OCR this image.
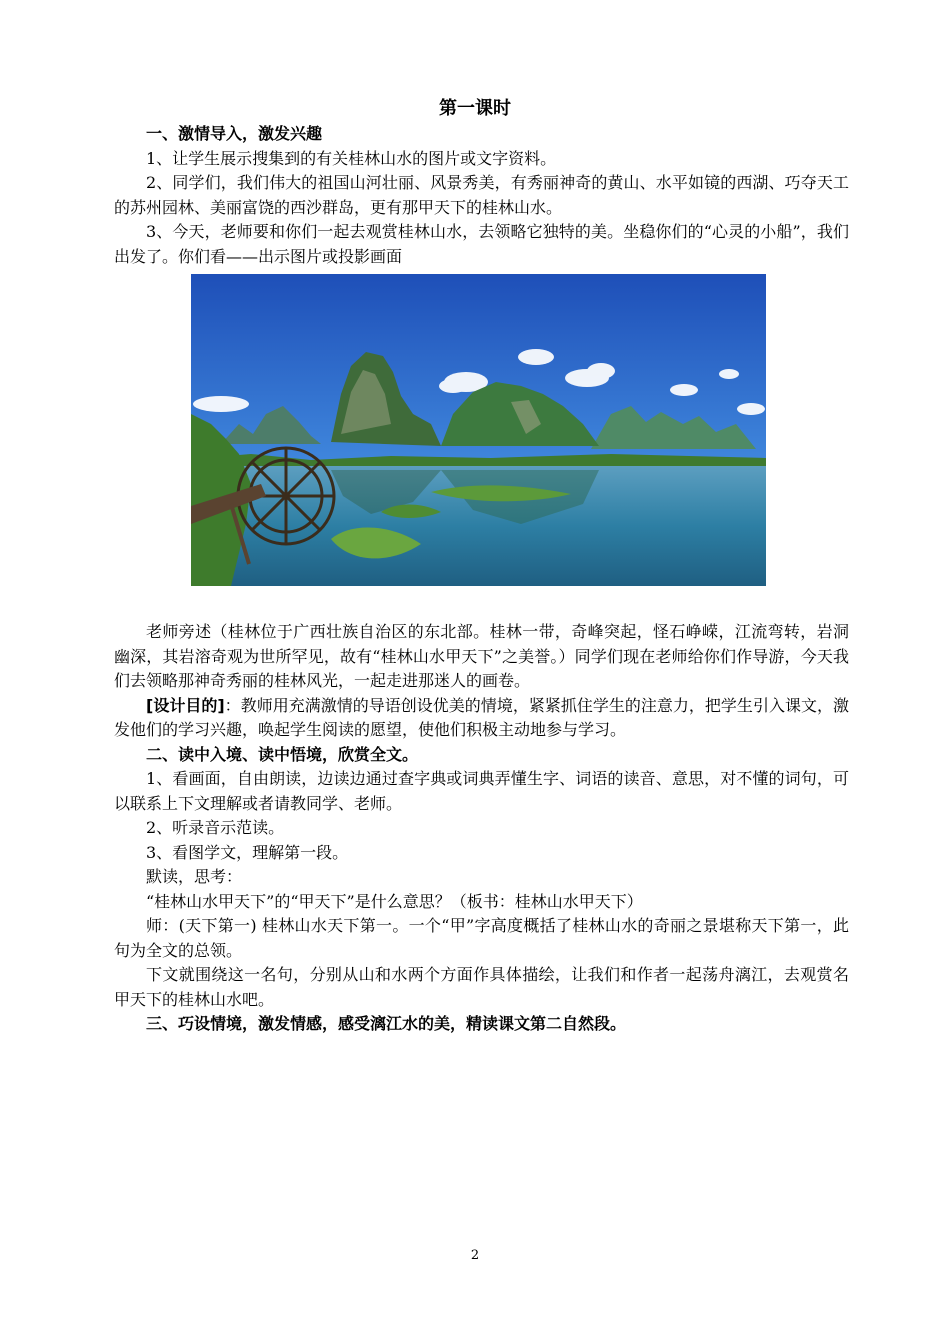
第一课时

一、激情导入，激发兴趣

1、让学生展示搜集到的有关桂林山水的图片或文字资料。

2、同学们，我们伟大的祖国山河壮丽、风景秀美，有秀丽神奇的黄山、水平如镜的西湖、巧夺天工的苏州园林、美丽富饶的西沙群岛，更有那甲天下的桂林山水。

3、今天，老师要和你们一起去观赏桂林山水，去领略它独特的美。坐稳你们的“心灵的小船”，我们出发了。你们看——出示图片或投影画面

老师旁述（桂林位于广西壮族自治区的东北部。桂林一带，奇峰突起，怪石峥嵘，江流弯转，岩洞幽深，其岩溶奇观为世所罕见，故有“桂林山水甲天下”之美誉。）同学们现在老师给你们作导游，今天我们去领略那神奇秀丽的桂林风光，一起走进那迷人的画卷。

[设计目的]：教师用充满激情的导语创设优美的情境，紧紧抓住学生的注意力，把学生引入课文，激发他们的学习兴趣，唤起学生阅读的愿望，使他们积极主动地参与学习。

二、读中入境、读中悟境，欣赏全文。

1、看画面，自由朗读，边读边通过查字典或词典弄懂生字、词语的读音、意思，对不懂的词句，可以联系上下文理解或者请教同学、老师。

2、听录音示范读。

3、看图学文，理解第一段。

默读，思考：

“桂林山水甲天下”的“甲天下”是什么意思？（板书：桂林山水甲天下）

师：(天下第一) 桂林山水天下第一。一个“甲”字高度概括了桂林山水的奇丽之景堪称天下第一，此句为全文的总领。

下文就围绕这一名句，分别从山和水两个方面作具体描绘，让我们和作者一起荡舟漓江，去观赏名甲天下的桂林山水吧。

三、巧设情境，激发情感，感受漓江水的美，精读课文第二自然段。

2
